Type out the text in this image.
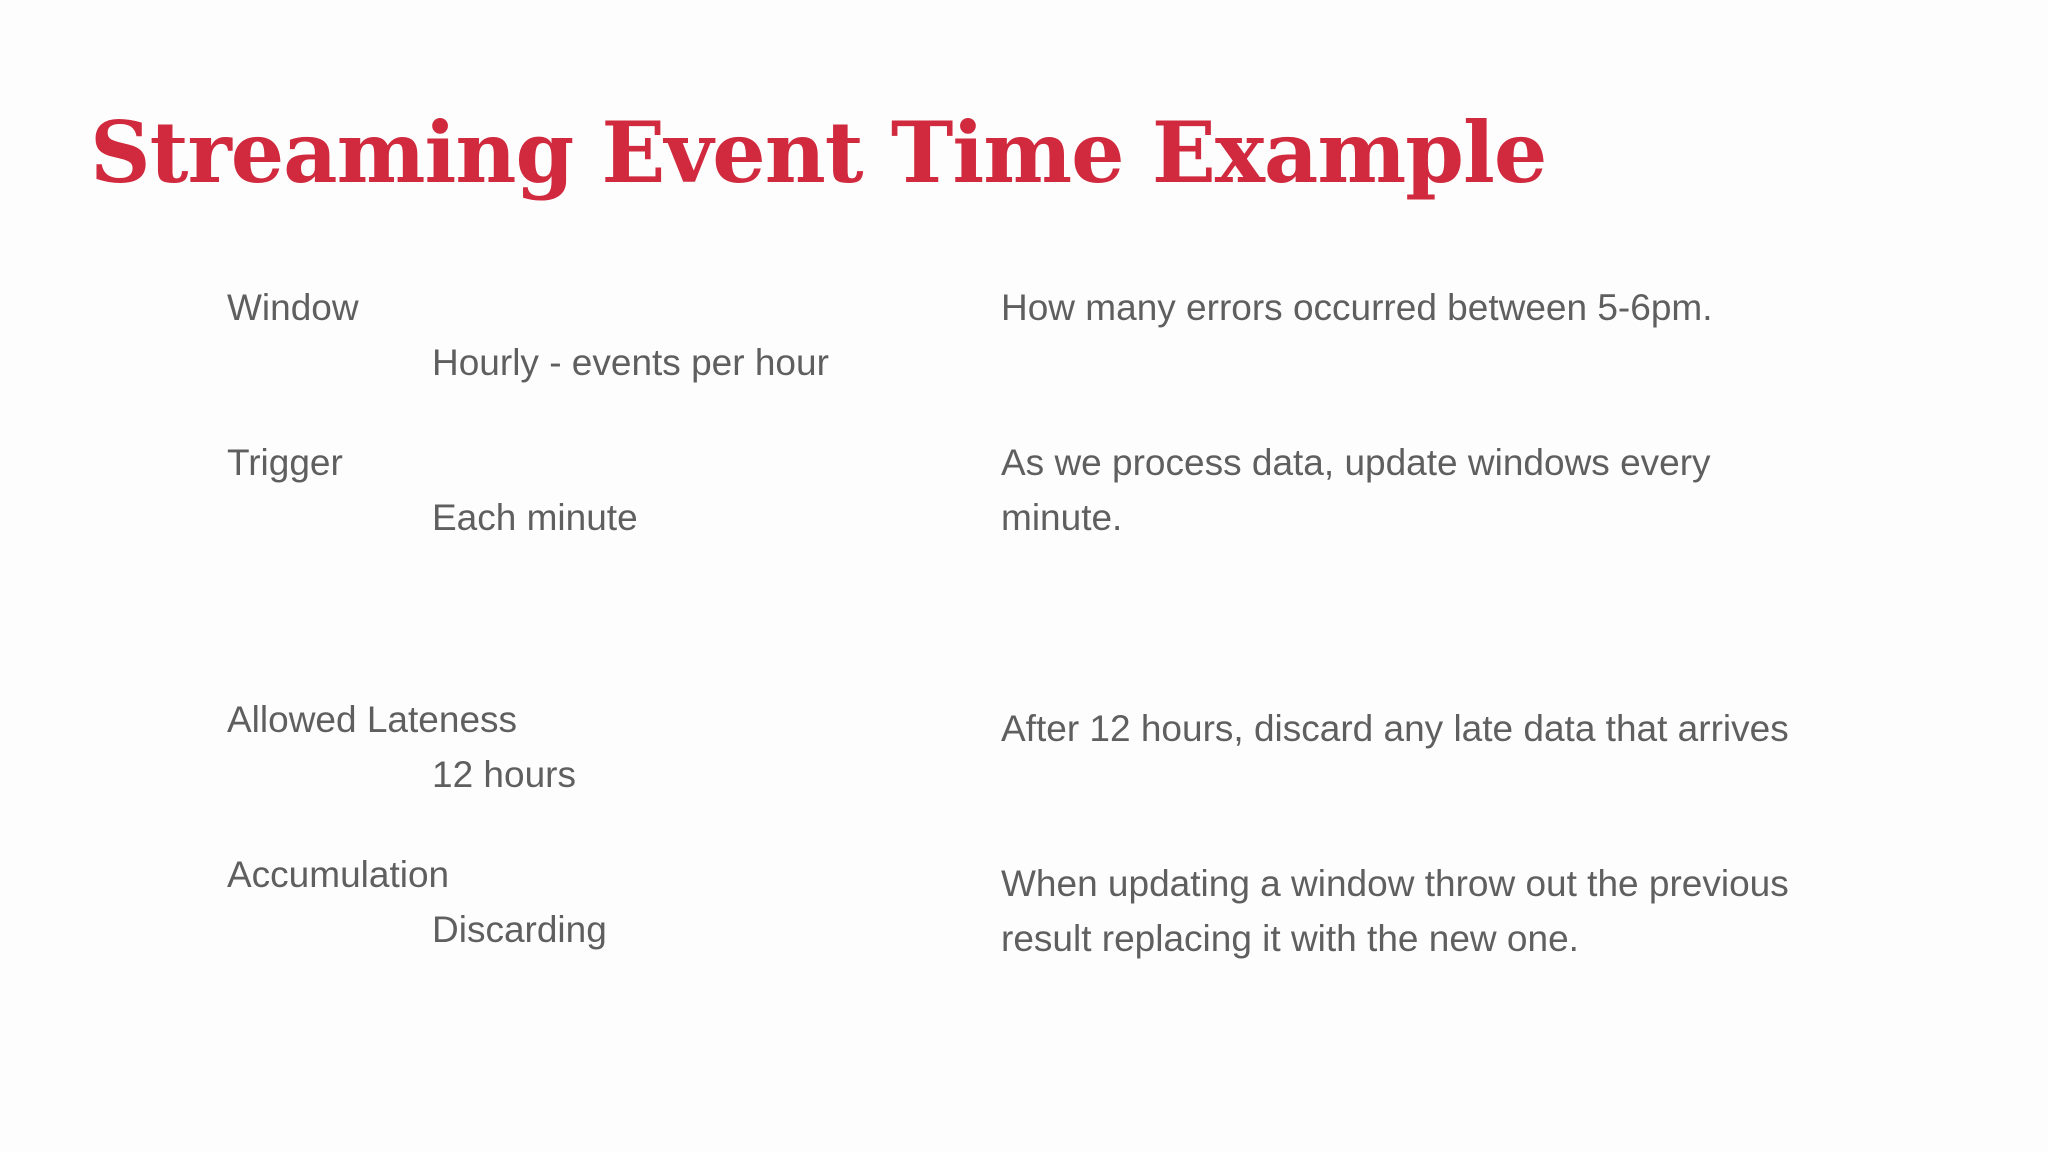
Streaming Event Time Example

Window

Hourly - events per hour

How many errors occurred between 5-6pm.

Trigger

Each minute

As we process data, update windows every

minute.

Allowed Lateness

12 hours

After 12 hours, discard any late data that arrives

Accumulation

Discarding

When updating a window throw out the previous

result replacing it with the new one.
